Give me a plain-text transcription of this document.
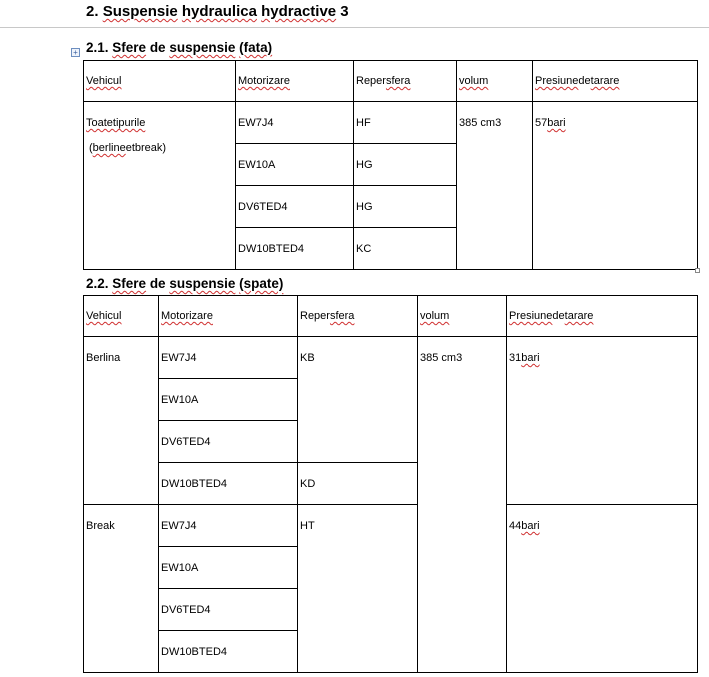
2. Suspensie hydraulica hydractive 3
+ 2.1. Sfere de suspensie (fata)
Vehicul	Motorizare	Repersfera	volum	Presiunedetarare

Toatetipurile
(berlineetbreak)	EW7J4	HF	385 cm3	57bari
	EW10A	HG		
	DV6TED4	HG		
	DW10BTED4	KC		
2.2. Sfere de suspensie (spate)
Vehicul	Motorizare	Repersfera	volum	Presiunedetarare
Berlina	EW7J4	KB	385 cm3	31bari
	EW10A			
	DV6TED4			
	DW10BTED4	KD		
Break	EW7J4	HT		44bari
	EW10A			
	DV6TED4			
	DW10BTED4			
